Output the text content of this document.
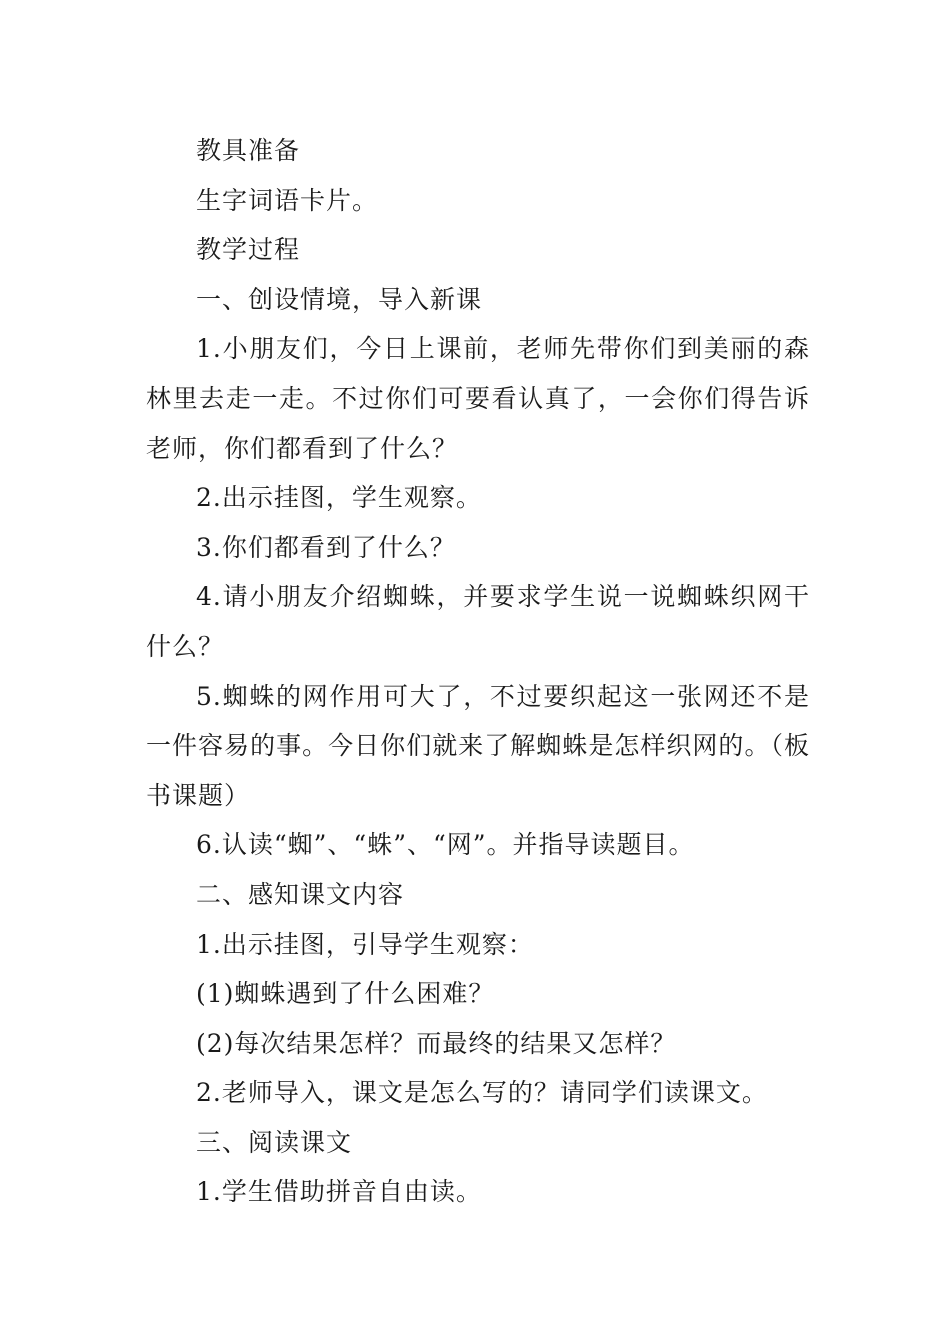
教具准备

生字词语卡片。

教学过程

一、创设情境，导入新课

1.小朋友们，今日上课前，老师先带你们到美丽的森林里去走一走。不过你们可要看认真了，一会你们得告诉老师，你们都看到了什么？

2.出示挂图，学生观察。

3.你们都看到了什么？

4.请小朋友介绍蜘蛛，并要求学生说一说蜘蛛织网干什么？

5.蜘蛛的网作用可大了，不过要织起这一张网还不是一件容易的事。今日你们就来了解蜘蛛是怎样织网的。（板书课题）

6.认读“蜘”、“蛛”、“网”。并指导读题目。

二、感知课文内容

1.出示挂图，引导学生观察：

(1)蜘蛛遇到了什么困难？

(2)每次结果怎样？而最终的结果又怎样？

2.老师导入，课文是怎么写的？请同学们读课文。

三、阅读课文

1.学生借助拼音自由读。
